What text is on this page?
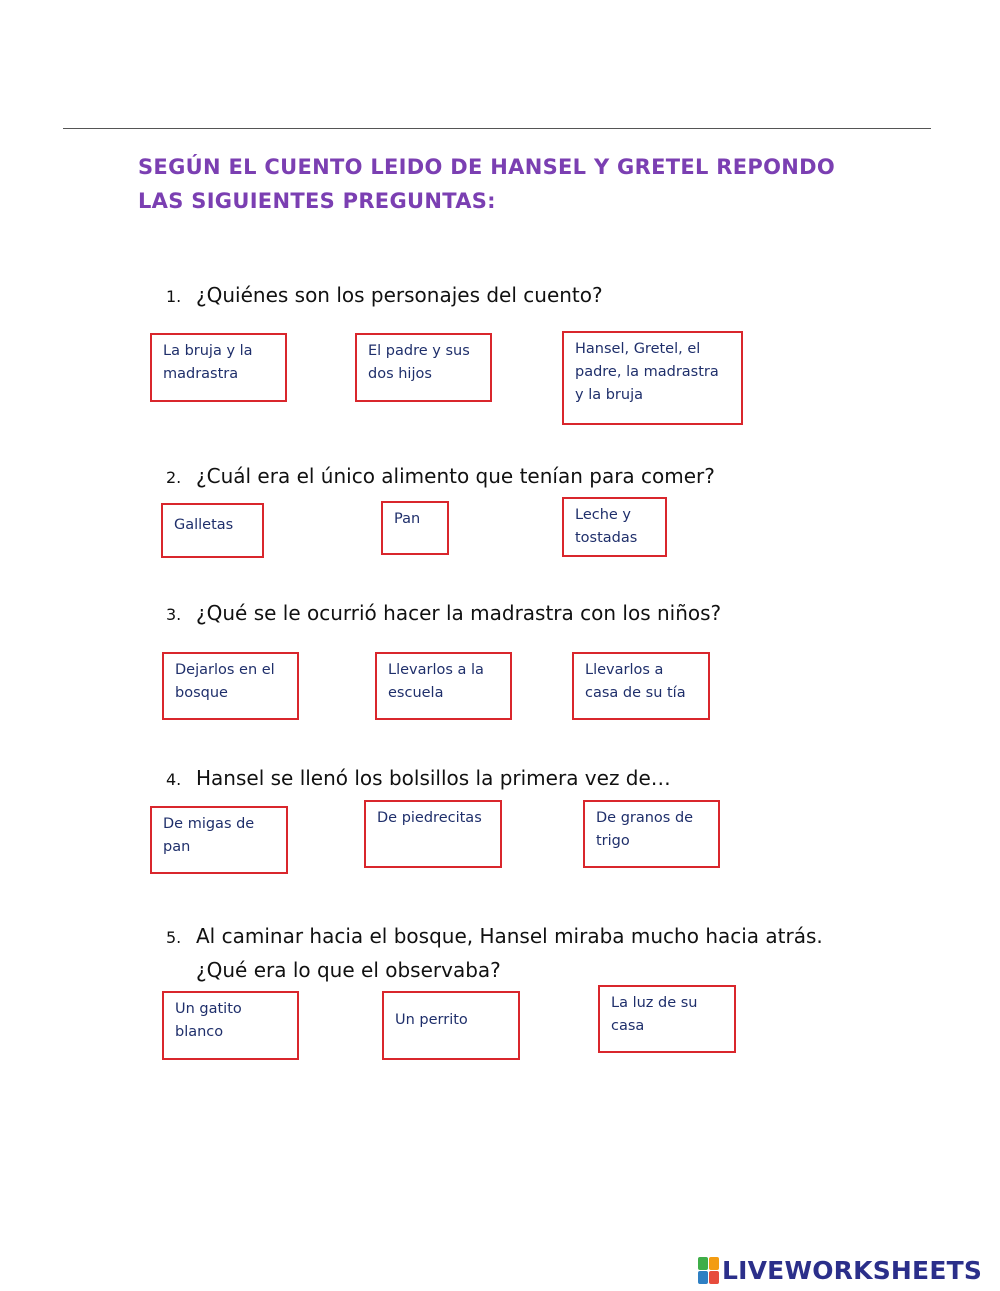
SEGÚN EL CUENTO LEIDO DE HANSEL Y GRETEL REPONDO
LAS SIGUIENTES PREGUNTAS:
1. ¿Quiénes son los personajes del cuento?
La bruja y la madrastra
El padre y sus dos hijos
Hansel, Gretel, el padre, la madrastra y la bruja
2. ¿Cuál era el único alimento que tenían para comer?
Galletas	Pan	Leche y tostadas
3. ¿Qué se le ocurrió hacer la madrastra con los niños?
Dejarlos en el bosque
Llevarlos a la escuela
Llevarlos a casa de su tía
4. Hansel se llenó los bolsillos la primera vez de…
De migas de pan
De piedrecitas	De granos de trigo
5. Al caminar hacia el bosque, Hansel miraba mucho hacia atrás.
¿Qué era lo que el observaba?
Un gatito blanco
Un perrito
La luz de su casa
LIVEWORKSHEETS
